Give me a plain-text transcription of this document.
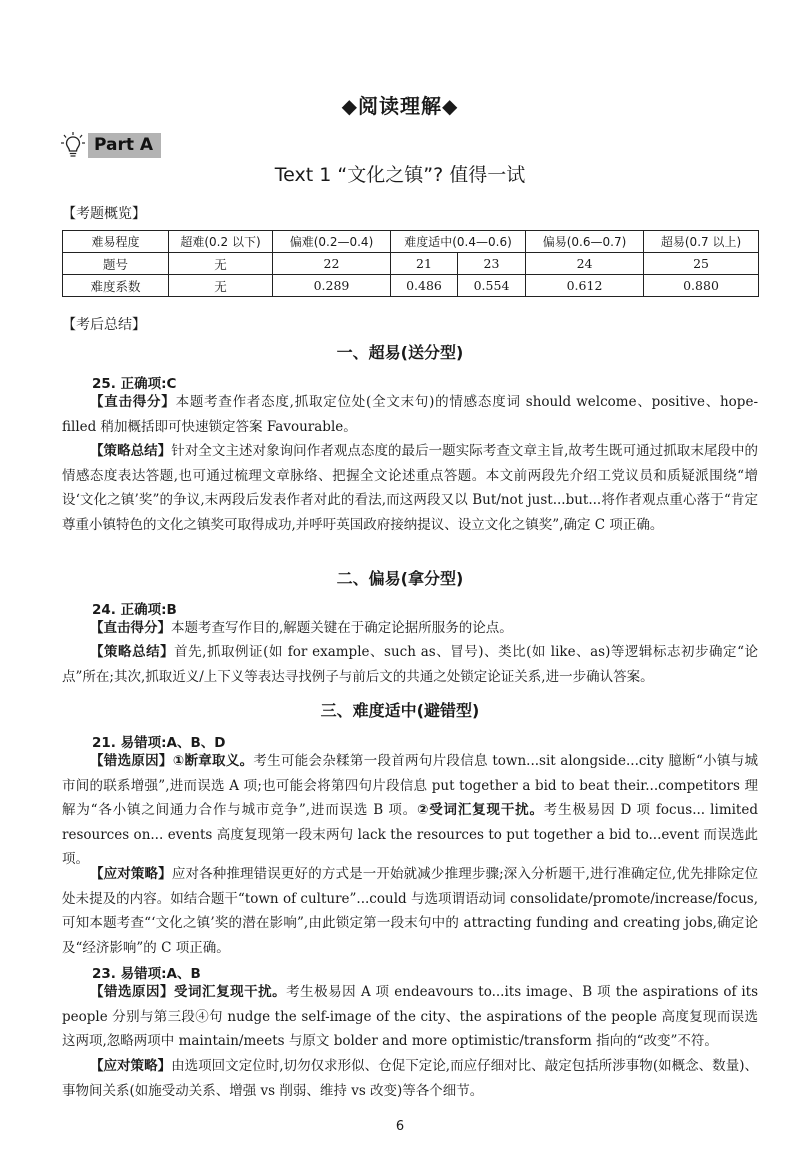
◆阅读理解◆
Part A
Text 1 “文化之镇”? 值得一试
【考题概览】
难易程度	超难(0.2 以下)	偏难(0.2—0.4)	难度适中(0.4—0.6)		偏易(0.6—0.7)	超易(0.7 以上)
题号	无	22	21	23	24	25
难度系数	无	0.289	0.486	0.554	0.612	0.880
【考后总结】
一、超易(送分型)
25. 正确项:C
【直击得分】本题考查作者态度,抓取定位处(全文末句)的情感态度词 should welcome、positive、hope-filled 稍加概括即可快速锁定答案 Favourable。
【策略总结】针对全文主述对象询问作者观点态度的最后一题实际考查文章主旨,故考生既可通过抓取末尾段中的情感态度表达答题,也可通过梳理文章脉络、把握全文论述重点答题。本文前两段先介绍工党议员和质疑派围绕“增设‘文化之镇’奖”的争议,末两段后发表作者对此的看法,而这两段又以 But/not just...but...将作者观点重心落于“肯定尊重小镇特色的文化之镇奖可取得成功,并呼吁英国政府接纳提议、设立文化之镇奖”,确定 C 项正确。
二、偏易(拿分型)
24. 正确项:B
【直击得分】本题考查写作目的,解题关键在于确定论据所服务的论点。
【策略总结】首先,抓取例证(如 for example、such as、冒号)、类比(如 like、as)等逻辑标志初步确定“论点”所在;其次,抓取近义/上下义等表达寻找例子与前后文的共通之处锁定论证关系,进一步确认答案。
三、难度适中(避错型)
21. 易错项:A、B、D
【错选原因】①断章取义。考生可能会杂糅第一段首两句片段信息 town...sit alongside...city 臆断“小镇与城市间的联系增强”,进而误选 A 项;也可能会将第四句片段信息 put together a bid to beat their...competitors 理解为“各小镇之间通力合作与城市竞争”,进而误选 B 项。②受词汇复现干扰。考生极易因 D 项 focus... limited resources on... events 高度复现第一段末两句 lack the resources to put together a bid to...event 而误选此项。
【应对策略】应对各种推理错误更好的方式是一开始就减少推理步骤;深入分析题干,进行准确定位,优先排除定位处未提及的内容。如结合题干“town of culture”...could 与选项谓语动词 consolidate/promote/increase/focus,可知本题考查“‘文化之镇’奖的潜在影响”,由此锁定第一段末句中的 attracting funding and creating jobs,确定论及“经济影响”的 C 项正确。
23. 易错项:A、B
【错选原因】受词汇复现干扰。考生极易因 A 项 endeavours to...its image、B 项 the aspirations of its people 分别与第三段④句 nudge the self-image of the city、the aspirations of the people 高度复现而误选这两项,忽略两项中 maintain/meets 与原文 bolder and more optimistic/transform 指向的“改变”不符。
【应对策略】由选项回文定位时,切勿仅求形似、仓促下定论,而应仔细对比、敲定包括所涉事物(如概念、数量)、事物间关系(如施受动关系、增强 vs 削弱、维持 vs 改变)等各个细节。
6
